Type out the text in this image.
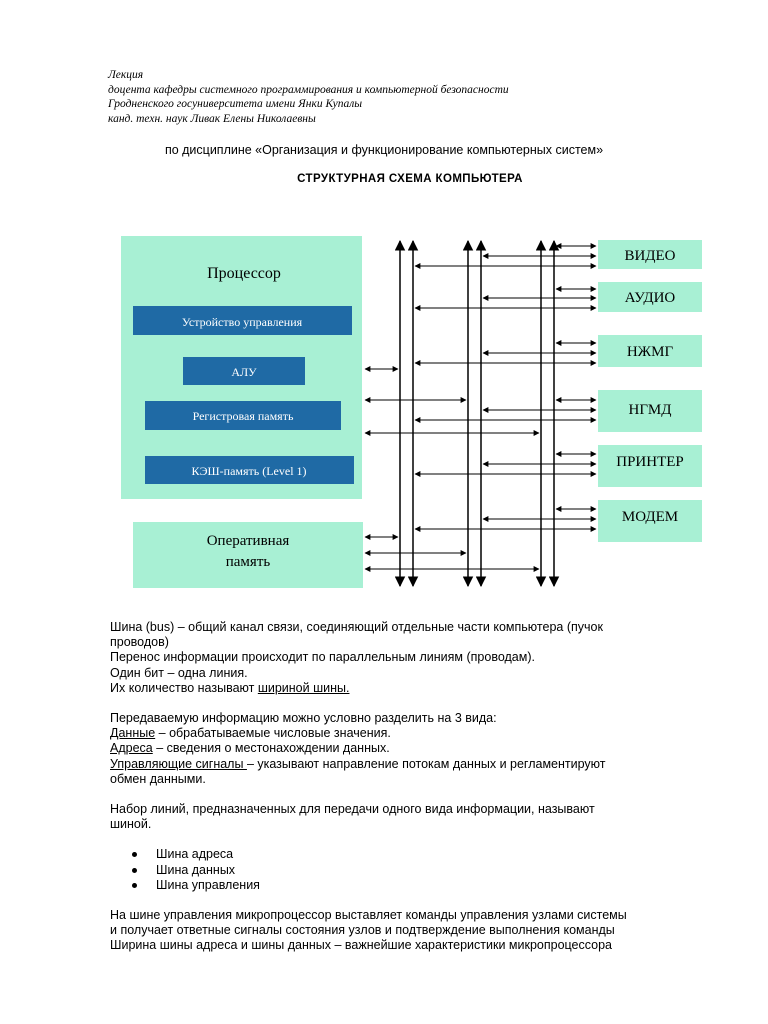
Лекция
доцента кафедры системного программирования и компьютерной безопасности
Гродненского госуниверситета имени Янки Купалы
канд. техн. наук Ливак Елены Николаевны
по дисциплине «Организация и функционирование компьютерных систем»
СТРУКТУРНАЯ СХЕМА КОМПЬЮТЕРА
Процессор
Устройство управления
АЛУ
Регистровая память
КЭШ-память (Level 1)
Оперативная
память
ВИДЕО
АУДИО
НЖМГ
НГМД
ПРИНТЕР
МОДЕМ

Шина (bus) – общий канал связи, соединяющий отдельные части компьютера (пучок

проводов)

Перенос информации происходит по параллельным линиям (проводам).

Один бит – одна линия.

Их количество называют шириной шины.

Передаваемую информацию можно условно разделить на 3 вида:

Данные – обрабатываемые числовые значения.

Адреса – сведения о местонахождении данных.

Управляющие сигналы – указывают направление потокам данных и регламентируют

обмен данными.

Набор линий, предназначенных для передачи одного вида информации, называют

шиной.

Шина адреса
Шина данных
Шина управления

На шине управления микропроцессор выставляет команды управления узлами системы

и получает ответные сигналы состояния узлов и подтверждение выполнения команды

Ширина шины адреса и шины данных – важнейшие характеристики микропроцессора
